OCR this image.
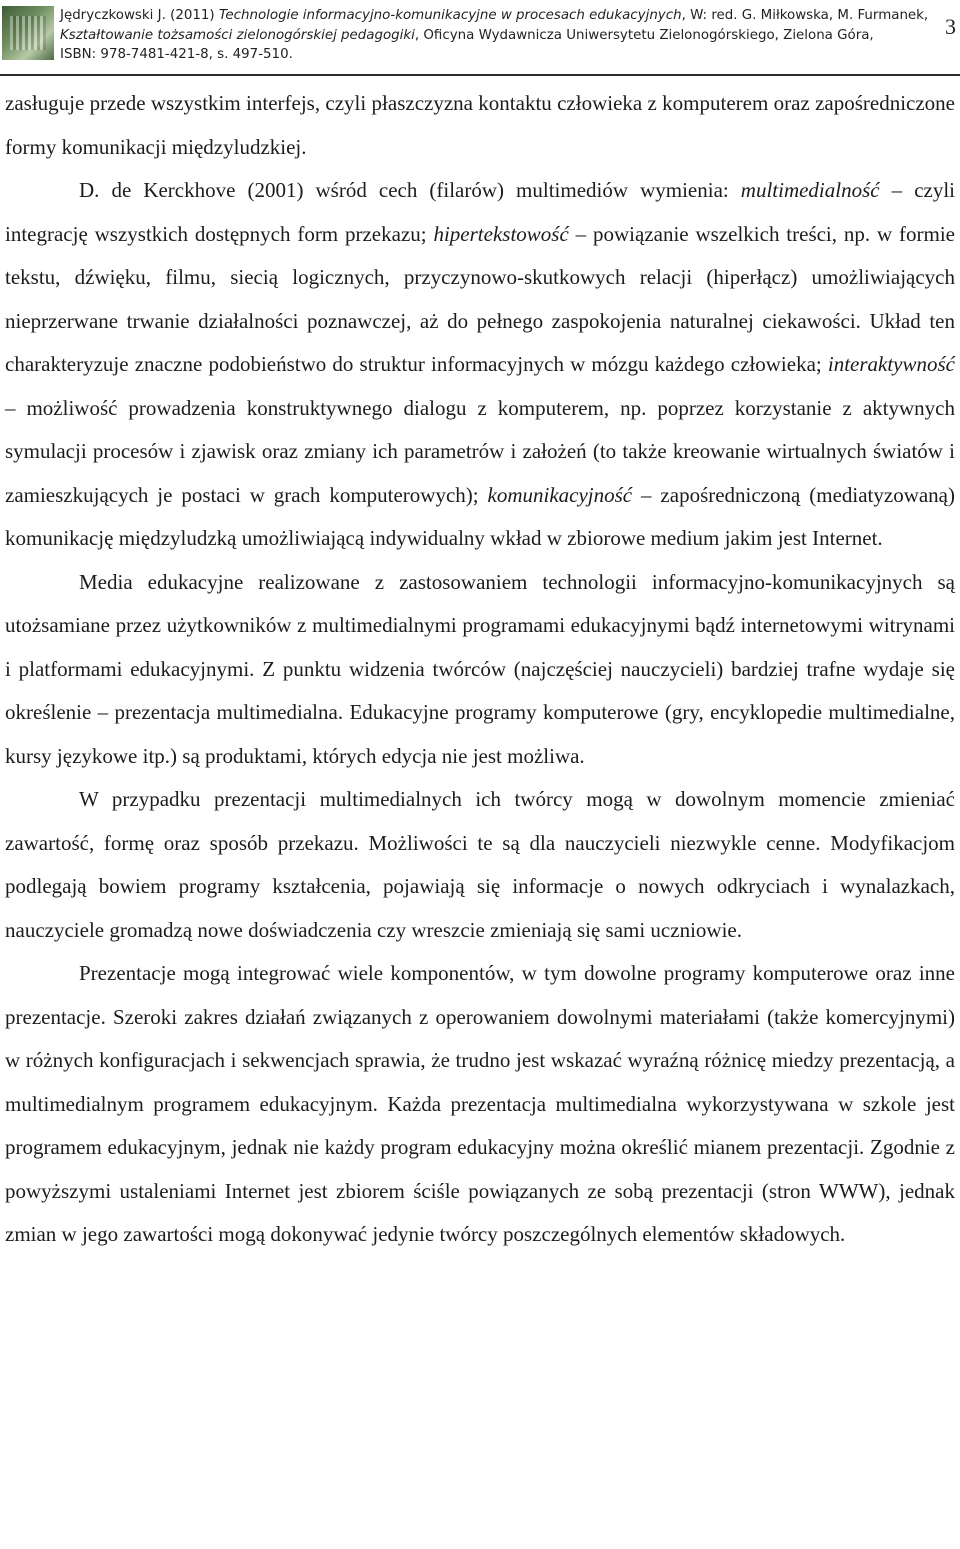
Jędryczkowski J. (2011) Technologie informacyjno-komunikacyjne w procesach edukacyjnych, W: red. G. Miłkowska, M. Furmanek,
Kształtowanie tożsamości zielonogórskiej pedagogiki, Oficyna Wydawnicza Uniwersytetu Zielonogórskiego, Zielona Góra,
ISBN: 978-7481-421-8, s. 497-510.
3

zasługuje przede wszystkim interfejs, czyli płaszczyzna kontaktu człowieka z komputerem oraz zapośredniczone formy komunikacji międzyludzkiej.

D. de Kerckhove (2001) wśród cech (filarów) multimediów wymienia: multimedialność – czyli integrację wszystkich dostępnych form przekazu; hipertekstowość – powiązanie wszelkich treści, np. w formie tekstu, dźwięku, filmu, siecią logicznych, przyczynowo-skutkowych relacji (hiperłącz) umożliwiających nieprzerwane trwanie działalności poznawczej, aż do pełnego zaspokojenia naturalnej ciekawości. Układ ten charakteryzuje znaczne podobieństwo do struktur informacyjnych w mózgu każdego człowieka; interaktywność – możliwość prowadzenia konstruktywnego dialogu z komputerem, np. poprzez korzystanie z aktywnych symulacji procesów i zjawisk oraz zmiany ich parametrów i założeń (to także kreowanie wirtualnych światów i zamieszkujących je postaci w grach komputerowych); komunikacyjność – zapośredniczoną (mediatyzowaną) komunikację międzyludzką umożliwiającą indywidualny wkład w zbiorowe medium jakim jest Internet.

Media edukacyjne realizowane z zastosowaniem technologii informacyjno-komunikacyjnych są utożsamiane przez użytkowników z multimedialnymi programami edukacyjnymi bądź internetowymi witrynami i platformami edukacyjnymi. Z punktu widzenia twórców (najczęściej nauczycieli) bardziej trafne wydaje się określenie – prezentacja multimedialna. Edukacyjne programy komputerowe (gry, encyklopedie multimedialne, kursy językowe itp.) są produktami, których edycja nie jest możliwa.

W przypadku prezentacji multimedialnych ich twórcy mogą w dowolnym momencie zmieniać zawartość, formę oraz sposób przekazu. Możliwości te są dla nauczycieli niezwykle cenne. Modyfikacjom podlegają bowiem programy kształcenia, pojawiają się informacje o nowych odkryciach i wynalazkach, nauczyciele gromadzą nowe doświadczenia czy wreszcie zmieniają się sami uczniowie.

Prezentacje mogą integrować wiele komponentów, w tym dowolne programy komputerowe oraz inne prezentacje. Szeroki zakres działań związanych z operowaniem dowolnymi materiałami (także komercyjnymi) w różnych konfiguracjach i sekwencjach sprawia, że trudno jest wskazać wyraźną różnicę miedzy prezentacją, a multimedialnym programem edukacyjnym. Każda prezentacja multimedialna wykorzystywana w szkole jest programem edukacyjnym, jednak nie każdy program edukacyjny można określić mianem prezentacji. Zgodnie z powyższymi ustaleniami Internet jest zbiorem ściśle powiązanych ze sobą prezentacji (stron WWW), jednak zmian w jego zawartości mogą dokonywać jedynie twórcy poszczególnych elementów składowych.
